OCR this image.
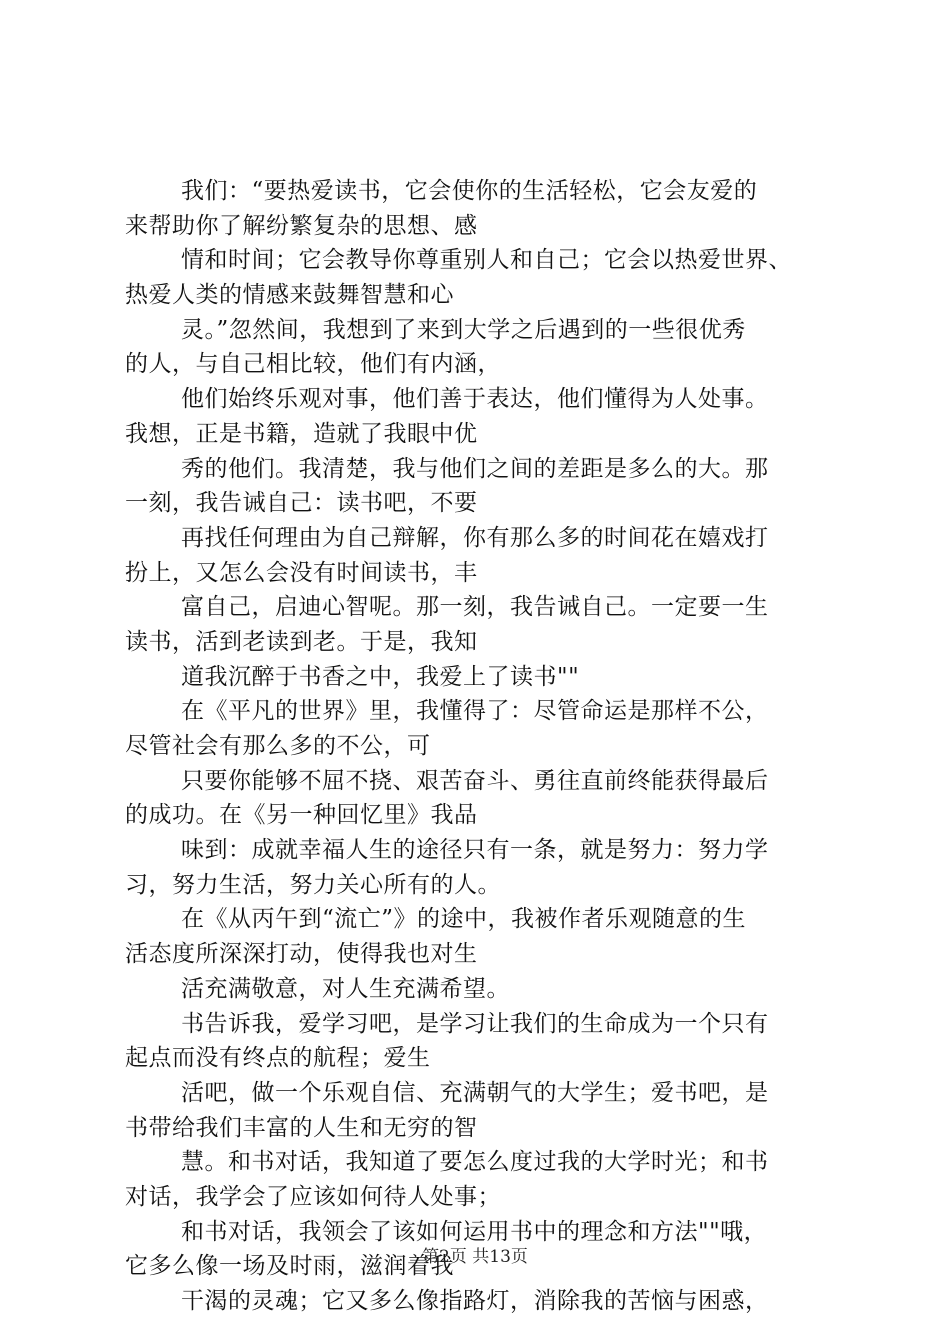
我们：“要热爱读书，它会使你的生活轻松，它会友爱的
来帮助你了解纷繁复杂的思想、感
情和时间；它会教导你尊重别人和自己；它会以热爱世界、
热爱人类的情感来鼓舞智慧和心
灵。”忽然间，我想到了来到大学之后遇到的一些很优秀
的人，与自己相比较，他们有内涵，
他们始终乐观对事，他们善于表达，他们懂得为人处事。
我想，正是书籍，造就了我眼中优
秀的他们。我清楚，我与他们之间的差距是多么的大。那
一刻，我告诫自己：读书吧，不要
再找任何理由为自己辩解，你有那么多的时间花在嬉戏打
扮上，又怎么会没有时间读书，丰
富自己，启迪心智呢。那一刻，我告诫自己。一定要一生
读书，活到老读到老。于是，我知
道我沉醉于书香之中，我爱上了读书""
在《平凡的世界》里，我懂得了：尽管命运是那样不公，
尽管社会有那么多的不公，可
只要你能够不屈不挠、艰苦奋斗、勇往直前终能获得最后
的成功。在《另一种回忆里》我品
味到：成就幸福人生的途径只有一条，就是努力：努力学
习，努力生活，努力关心所有的人。
在《从丙午到“流亡”》的途中，我被作者乐观随意的生
活态度所深深打动，使得我也对生
活充满敬意，对人生充满希望。
书告诉我，爱学习吧，是学习让我们的生命成为一个只有
起点而没有终点的航程；爱生
活吧，做一个乐观自信、充满朝气的大学生；爱书吧，是
书带给我们丰富的人生和无穷的智
慧。和书对话，我知道了要怎么度过我的大学时光；和书
对话，我学会了应该如何待人处事；
和书对话，我领会了该如何运用书中的理念和方法""哦，
它多么像一场及时雨，滋润着我
干渴的灵魂；它又多么像指路灯，消除我的苦恼与困惑，
第2页 共13页
